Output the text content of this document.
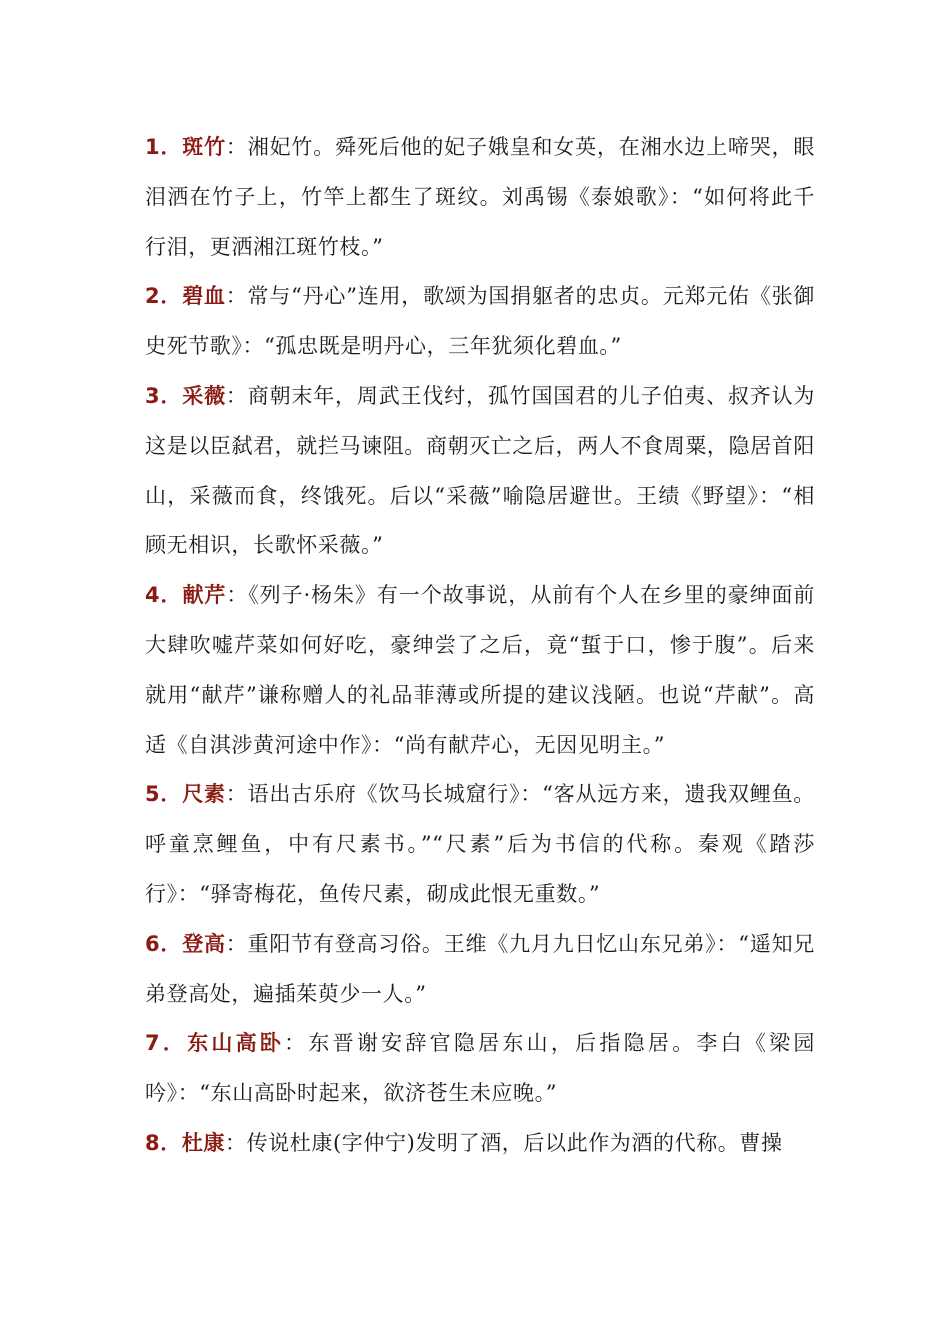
1．斑竹：湘妃竹。舜死后他的妃子娥皇和女英，在湘水边上啼哭，眼泪洒在竹子上，竹竿上都生了斑纹。刘禹锡《泰娘歌》：“如何将此千行泪，更洒湘江斑竹枝。”

2．碧血：常与“丹心”连用，歌颂为国捐躯者的忠贞。元郑元佑《张御史死节歌》：“孤忠既是明丹心，三年犹须化碧血。”

3．采薇：商朝末年，周武王伐纣，孤竹国国君的儿子伯夷、叔齐认为这是以臣弑君，就拦马谏阻。商朝灭亡之后，两人不食周粟，隐居首阳山，采薇而食，终饿死。后以“采薇”喻隐居避世。王绩《野望》：“相顾无相识，长歌怀采薇。”

4．献芹：《列子·杨朱》有一个故事说，从前有个人在乡里的豪绅面前大肆吹嘘芹菜如何好吃，豪绅尝了之后，竟“蜇于口，惨于腹”。后来就用“献芹”谦称赠人的礼品菲薄或所提的建议浅陋。也说“芹献”。高适《自淇涉黄河途中作》：“尚有献芹心，无因见明主。”

5．尺素：语出古乐府《饮马长城窟行》：“客从远方来，遗我双鲤鱼。呼童烹鲤鱼，中有尺素书。”“尺素”后为书信的代称。秦观《踏莎行》：“驿寄梅花，鱼传尺素，砌成此恨无重数。”

6．登高：重阳节有登高习俗。王维《九月九日忆山东兄弟》：“遥知兄弟登高处，遍插茱萸少一人。”

7．东山高卧：东晋谢安辞官隐居东山，后指隐居。李白《梁园吟》：“东山高卧时起来，欲济苍生未应晚。”

8．杜康：传说杜康(字仲宁)发明了酒，后以此作为酒的代称。曹操
